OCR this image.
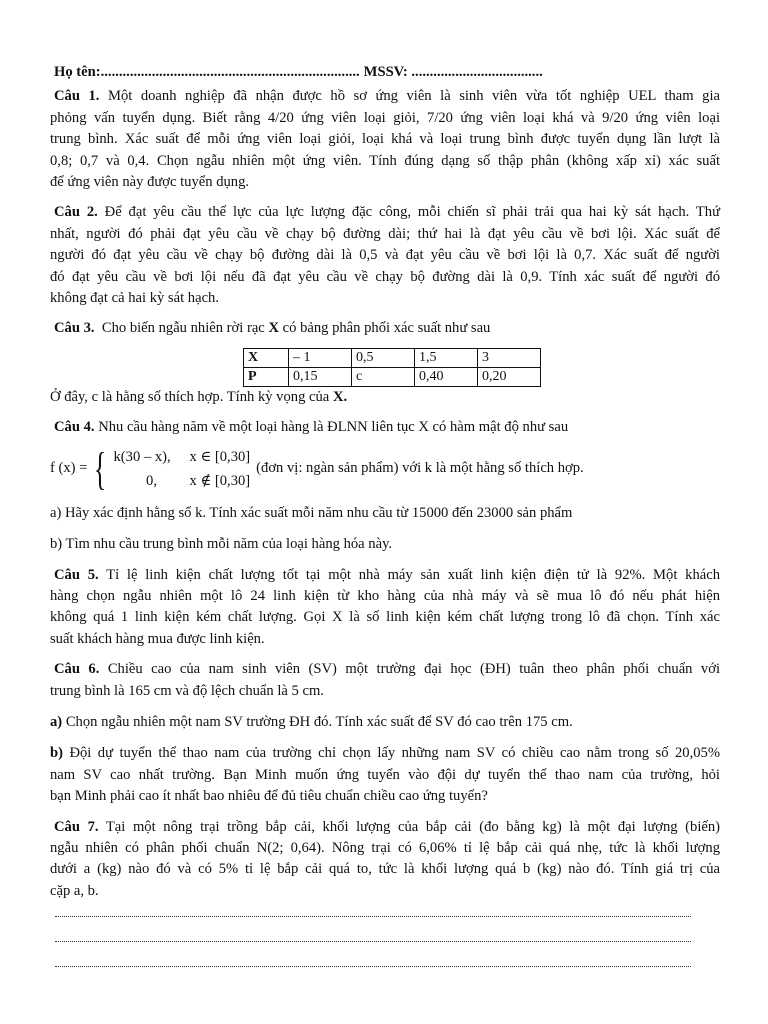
Họ tên: ....................................................................... MSSV:
....................................
Câu 1. Một doanh nghiệp đã nhận được hồ sơ ứng viên là sinh viên vừa tốt nghiệp UEL tham gia
phỏng vấn tuyển dụng. Biết rằng 4/20 ứng viên loại giỏi, 7/20 ứng viên loại khá và 9/20 ứng viên loại
trung bình. Xác suất để mỗi ứng viên loại giỏi, loại khá và loại trung bình được tuyển dụng lần lượt là
0,8; 0,7 và 0,4. Chọn ngẫu nhiên một ứng viên. Tính đúng dạng số thập phân (không xấp xỉ) xác suất
để ứng viên này được tuyển dụng.
Câu 2. Để đạt yêu cầu thể lực của lực lượng đặc công, mỗi chiến sĩ phải trải qua hai kỳ sát hạch. Thứ
nhất, người đó phải đạt yêu cầu về chạy bộ đường dài; thứ hai là đạt yêu cầu về bơi lội. Xác suất để
người đó đạt yêu cầu về chạy bộ đường dài là 0,5 và đạt yêu cầu về bơi lội là 0,7. Xác suất để người
đó đạt yêu cầu về bơi lội nếu đã đạt yêu cầu về chạy bộ đường dài là 0,9. Tính xác suất để người đó
không đạt cả hai kỳ sát hạch.
Câu 3. Cho biến ngẫu nhiên rời rạc X có bảng phân phối xác suất như sau
X	– 1	0,5	1,5	3
P	0,15	c	0,40	0,20
Ở đây, c là hằng số thích hợp. Tính kỳ vọng của X.
Câu 4. Nhu cầu hàng năm về một loại hàng là ĐLNN liên tục X có hàm mật độ như sau
f (x) = { k(30 – x),	x ∈ [0,30]
0,	x ∉ [0,30]
(đơn vị: ngàn sản phẩm) với k là một hằng số thích hợp.
a) Hãy xác định hằng số k. Tính xác suất mỗi năm nhu cầu từ 15000 đến 23000 sản phẩm
b) Tìm nhu cầu trung bình mỗi năm của loại hàng hóa này.
Câu 5. Tỉ lệ linh kiện chất lượng tốt tại một nhà máy sản xuất linh kiện điện tử là 92%. Một khách
hàng chọn ngẫu nhiên một lô 24 linh kiện từ kho hàng của nhà máy và sẽ mua lô đó nếu phát hiện
không quá 1 linh kiện kém chất lượng. Gọi X là số linh kiện kém chất lượng trong lô đã chọn. Tính xác
suất khách hàng mua được linh kiện.
Câu 6. Chiều cao của nam sinh viên (SV) một trường đại học (ĐH) tuân theo phân phối chuẩn với
trung bình là 165 cm và độ lệch chuẩn là 5 cm.
a) Chọn ngẫu nhiên một nam SV trường ĐH đó. Tính xác suất để SV đó cao trên 175 cm.
b) Đội dự tuyển thể thao nam của trường chỉ chọn lấy những nam SV có chiều cao nằm trong số 20,05%
nam SV cao nhất trường. Bạn Minh muốn ứng tuyển vào đội dự tuyển thể thao nam của trường, hỏi
bạn Minh phải cao ít nhất bao nhiêu để đủ tiêu chuẩn chiều cao ứng tuyển?
Câu 7. Tại một nông trại trồng bắp cải, khối lượng của bắp cải (đo bằng kg) là một đại lượng (biến)
ngẫu nhiên có phân phối chuẩn N(2; 0,64). Nông trại có 6,06% tỉ lệ bắp cải quá nhẹ, tức là khối lượng
dưới a (kg) nào đó và có 5% tỉ lệ bắp cải quá to, tức là khối lượng quá b (kg) nào đó. Tính giá trị của
cặp a, b.
